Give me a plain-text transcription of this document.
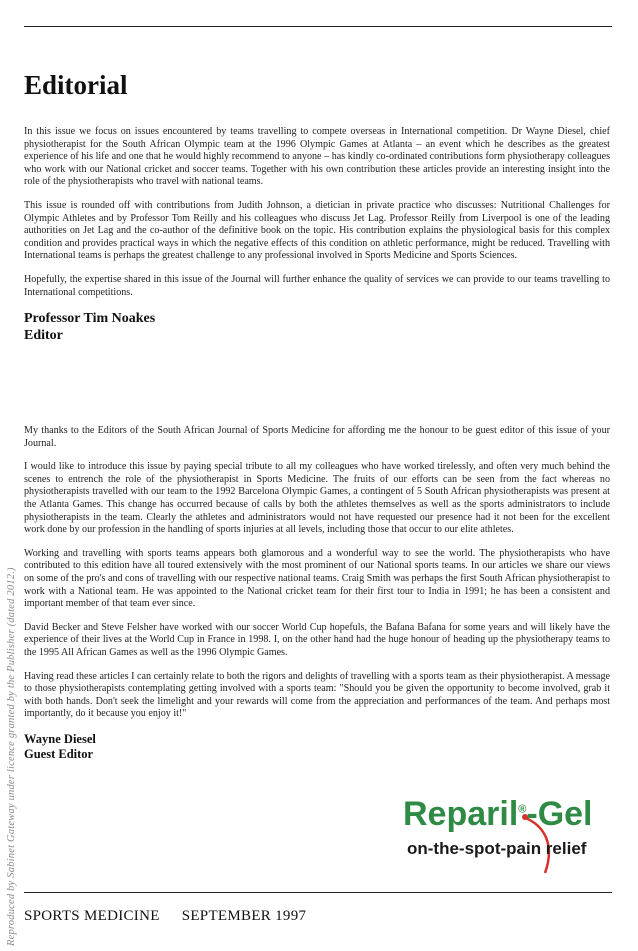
Reproduced by Sabinet Gateway under licence granted by the Publisher (dated 2012.)
Editorial

In this issue we focus on issues encountered by teams travelling to compete overseas in International competition. Dr Wayne Diesel, chief physiotherapist for the South African Olympic team at the 1996 Olympic Games at Atlanta – an event which he describes as the greatest experience of his life and one that he would highly recommend to anyone – has kindly co-ordinated contributions form physiotherapy colleagues who work with our National cricket and soccer teams. Together with his own contribution these articles provide an interesting insight into the role of the physiotherapists who travel with national teams.

This issue is rounded off with contributions from Judith Johnson, a dietician in private practice who discusses: Nutritional Challenges for Olympic Athletes and by Professor Tom Reilly and his colleagues who discuss Jet Lag. Professor Reilly from Liverpool is one of the leading authorities on Jet Lag and the co-author of the definitive book on the topic. His contribution explains the physiological basis for this complex condition and provides practical ways in which the negative effects of this condition on athletic performance, might be reduced. Travelling with International teams is perhaps the greatest challenge to any professional involved in Sports Medicine and Sports Sciences.

Hopefully, the expertise shared in this issue of the Journal will further enhance the quality of services we can provide to our teams travelling to International competitions.

Professor Tim Noakes
Editor

My thanks to the Editors of the South African Journal of Sports Medicine for affording me the honour to be guest editor of this issue of your Journal.

I would like to introduce this issue by paying special tribute to all my colleagues who have worked tirelessly, and often very much behind the scenes to entrench the role of the physiotherapist in Sports Medicine. The fruits of our efforts can be seen from the fact whereas no physiotherapists travelled with our team to the 1992 Barcelona Olympic Games, a contingent of 5 South African physiotherapists was present at the Atlanta Games. This change has occurred because of calls by both the athletes themselves as well as the sports administrators to include physiotherapists in the team. Clearly the athletes and administrators would not have requested our presence had it not been for the excellent work done by our profession in the handling of sports injuries at all levels, including those that occur to our elite athletes.

Working and travelling with sports teams appears both glamorous and a wonderful way to see the world. The physiotherapists who have contributed to this edition have all toured extensively with the most prominent of our National sports teams. In our articles we share our views on some of the pro's and cons of travelling with our respective national teams. Craig Smith was perhaps the first South African physiotherapist to work with a National team. He was appointed to the National cricket team for their first tour to India in 1991; he has been a consistent and important member of that team ever since.

David Becker and Steve Felsher have worked with our soccer World Cup hopefuls, the Bafana Bafana for some years and will likely have the experience of their lives at the World Cup in France in 1998. I, on the other hand had the huge honour of heading up the physiotherapy teams to the 1995 All African Games as well as the 1996 Olympic Games.

Having read these articles I can certainly relate to both the rigors and delights of travelling with a sports team as their physiotherapist. A message to those physiotherapists contemplating getting involved with a sports team: "Should you be given the opportunity to become involved, grab it with both hands. Don't seek the limelight and your rewards will come from the appreciation and performances of the team. And perhaps most importantly, do it because you enjoy it!"

Wayne Diesel
Guest Editor
Reparil®-Gel
on-the-spot-pain relief
SPORTS MEDICINE SEPTEMBER 1997
